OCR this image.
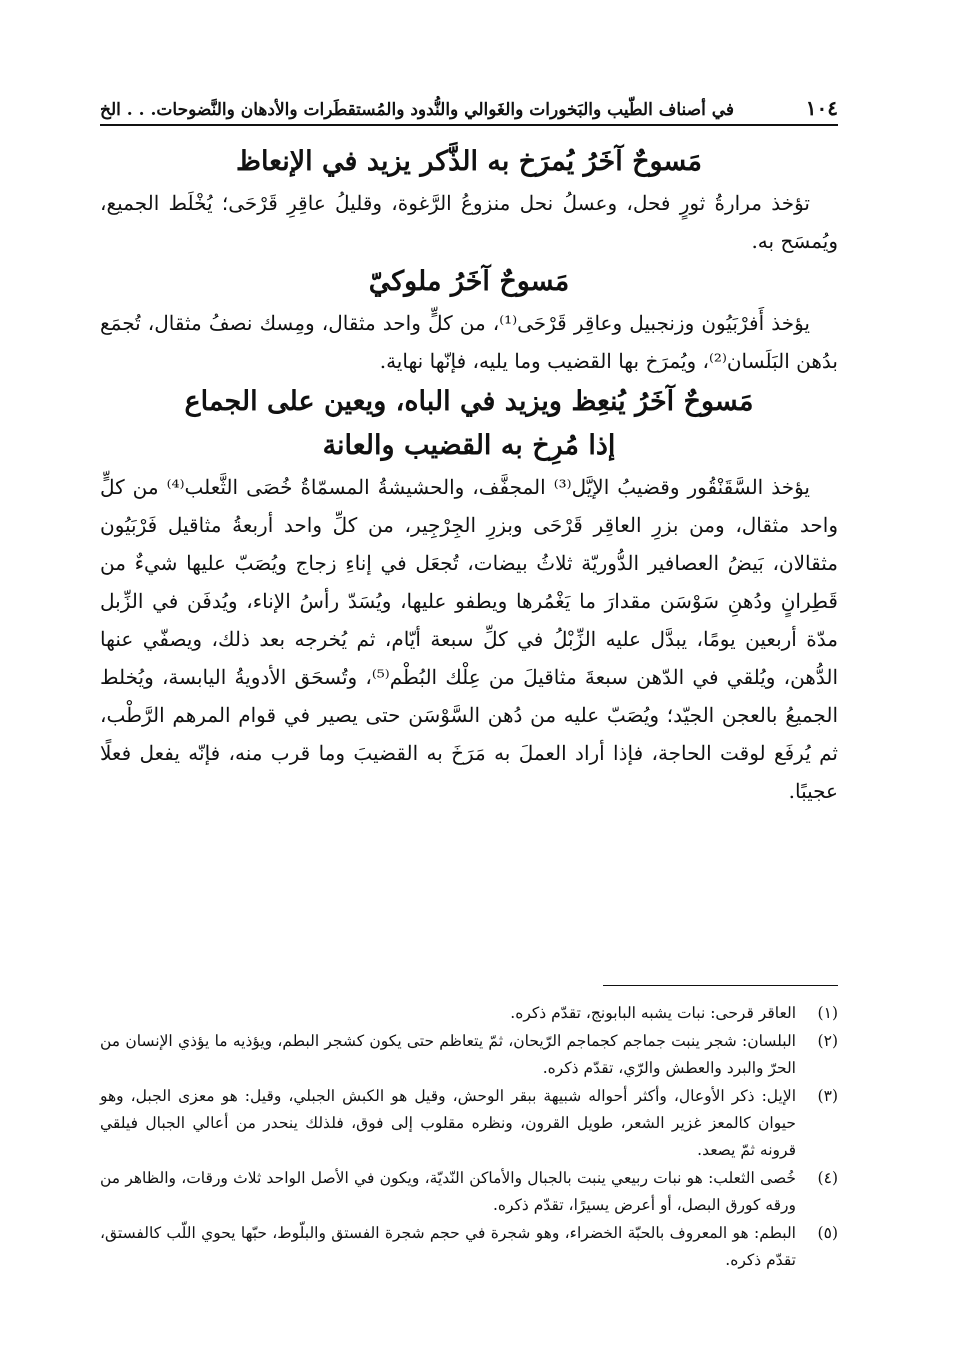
١٠٤
في أصناف الطّيب والبَخورات والغَوالي والنُّدود والمُستقطَرات والأدهان والنَّضوحات. . . الخ
مَسوحٌ آخَرُ يُمرَخ به الذَّكر يزيد في الإنعاظ

تؤخذ مرارةُ ثورٍ فحل، وعسلُ نحل منزوعُ الرَّغوة، وقليلُ عاقِرِ قَرْحَى؛ يُخْلَط الجميع، ويُمسَح به.

مَسوحٌ آخَرُ ملوكيّ

يؤخذ أَفرْبَيُون وزنجبيل وعاقِر قَرْحَى⁽¹⁾، من كلٍّ واحد مثقال، ومِسك نصفُ مثقال، تُجمَع بدُهن البَلَسان⁽²⁾، ويُمرَخ بها القضيب وما يليه، فإنّها نهاية.

مَسوحٌ آخَرُ يُنعِظ ويزيد في الباه، ويعين على الجماع
إذا مُرِخ به القضيب والعانة

يؤخذ السَّقَنْقُور وقضيبُ الإيَّل⁽³⁾ المجفَّف، والحشيشةُ المسمّاةُ خُصَى الثَّعلب⁽⁴⁾ من كلٍّ واحد مثقال، ومن بزرِ العاقِر قَرْحَى وبزرِ الجِرْجِير، من كلِّ واحد أربعةُ مثاقيل فَرْبَيُون مثقالان، بَيضُ العصافير الدُّوريّة ثلاثُ بيضات، تُجعَل في إناءِ زجاج ويُصَبّ عليها شيءٌ من قَطِرانٍ ودُهنِ سَوْسَن مقدارَ ما يَغْمُرها ويطفو عليها، ويُسَدّ رأسُ الإناء، ويُدفَن في الزِّبل مدّة أربعين يومًا، يبدَّل عليه الزِّبْلُ في كلِّ سبعة أيّام، ثم يُخرجه بعد ذلك، ويصفّي عنها الدُّهن، ويُلقي في الدّهن سبعةَ مثاقيلَ من عِلْك البُطْم⁽⁵⁾، وتُسحَق الأدويةُ اليابسة، ويُخلط الجميعُ بالعجن الجيّد؛ ويُصَبّ عليه من دُهن السَّوْسَن حتى يصير في قوام المرهم الرَّطْب، ثم يُرفَع لوقت الحاجة، فإذا أراد العملَ به مَرَخَ به القضيبَ وما قرب منه، فإنّه يفعل فعلًا عجيبًا.

(١)
العاقر قرحى: نبات يشبه البابونج، تقدّم ذكره.
(٢)
البلسان: شجر ينبت جماجم كجماجم الرّيحان، ثمّ يتعاظم حتى يكون كشجر البطم، ويؤذيه ما يؤذي الإنسان من الحرّ والبرد والعطش والرّي، تقدّم ذكره.
(٣)
الإيل: ذكر الأوعال، وأكثر أحواله شبيهة ببقر الوحش، وقيل هو الكبش الجبلي، وقيل: هو معزى الجبل، وهو حيوان كالمعز غزير الشعر، طويل القرون، ونظره مقلوب إلى فوق، فلذلك ينحدر من أعالي الجبال فيلقي قرونه ثمّ يصعد.
(٤)
خُصى الثعلب: هو نبات ربيعي ينبت بالجبال والأماكن النّديّة، ويكون في الأصل الواحد ثلاث ورقات، والظاهر من ورقه كورق البصل، أو أعرض يسيرًا، تقدّم ذكره.
(٥)
البطم: هو المعروف بالحبّة الخضراء، وهو شجرة في حجم شجرة الفستق والبلّوط، حبّها يحوي اللّب كالفستق، تقدّم ذكره.
